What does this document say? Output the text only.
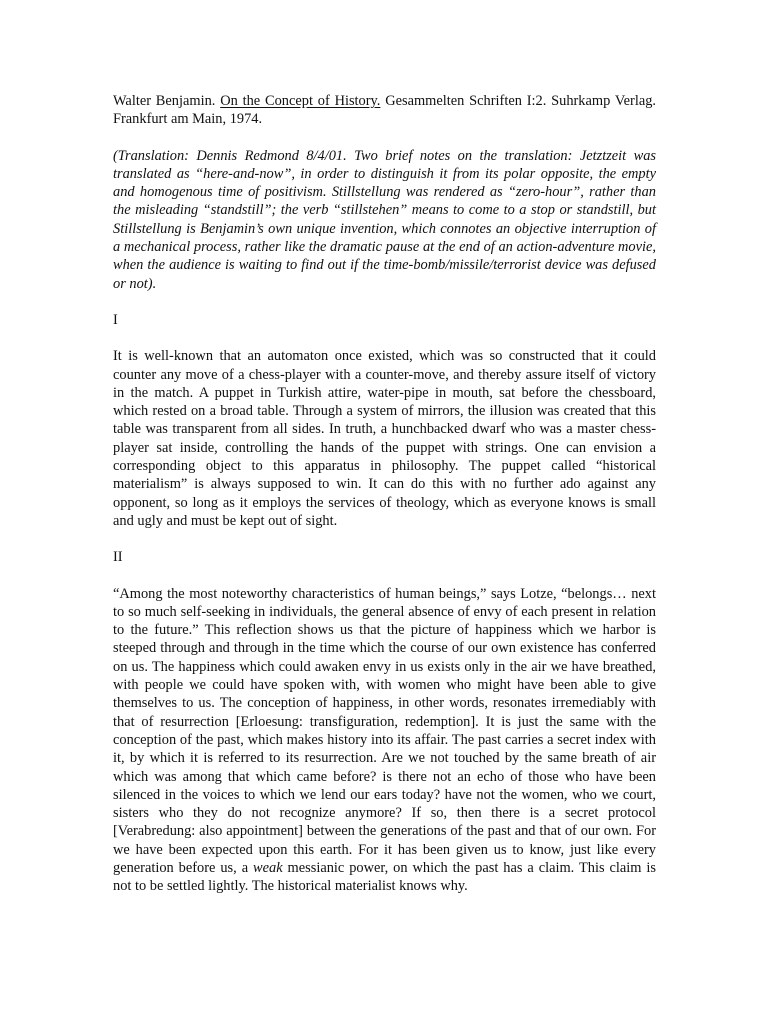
Walter Benjamin. On the Concept of History. Gesammelten Schriften I:2. Suhrkamp Verlag. Frankfurt am Main, 1974.

(Translation: Dennis Redmond 8/4/01. Two brief notes on the translation: Jetztzeit was translated as “here-and-now”, in order to distinguish it from its polar opposite, the empty and homogenous time of positivism. Stillstellung was rendered as “zero-hour”, rather than the misleading “standstill”; the verb “stillstehen” means to come to a stop or standstill, but Stillstellung is Benjamin’s own unique invention, which connotes an objective interruption of a mechanical process, rather like the dramatic pause at the end of an action-adventure movie, when the audience is waiting to find out if the time-bomb/missile/terrorist device was defused or not).

I

It is well-known that an automaton once existed, which was so constructed that it could counter any move of a chess-player with a counter-move, and thereby assure itself of victory in the match. A puppet in Turkish attire, water-pipe in mouth, sat before the chessboard, which rested on a broad table. Through a system of mirrors, the illusion was created that this table was transparent from all sides. In truth, a hunchbacked dwarf who was a master chess-player sat inside, controlling the hands of the puppet with strings. One can envision a corresponding object to this apparatus in philosophy. The puppet called “historical materialism” is always supposed to win. It can do this with no further ado against any opponent, so long as it employs the services of theology, which as everyone knows is small and ugly and must be kept out of sight.

II

“Among the most noteworthy characteristics of human beings,” says Lotze, “belongs… next to so much self-seeking in individuals, the general absence of envy of each present in relation to the future.” This reflection shows us that the picture of happiness which we harbor is steeped through and through in the time which the course of our own existence has conferred on us. The happiness which could awaken envy in us exists only in the air we have breathed, with people we could have spoken with, with women who might have been able to give themselves to us. The conception of happiness, in other words, resonates irremediably with that of resurrection [Erloesung: transfiguration, redemption]. It is just the same with the conception of the past, which makes history into its affair. The past carries a secret index with it, by which it is referred to its resurrection. Are we not touched by the same breath of air which was among that which came before? is there not an echo of those who have been silenced in the voices to which we lend our ears today? have not the women, who we court, sisters who they do not recognize anymore? If so, then there is a secret protocol [Verabredung: also appointment] between the generations of the past and that of our own. For we have been expected upon this earth. For it has been given us to know, just like every generation before us, a weak messianic power, on which the past has a claim. This claim is not to be settled lightly. The historical materialist knows why.
